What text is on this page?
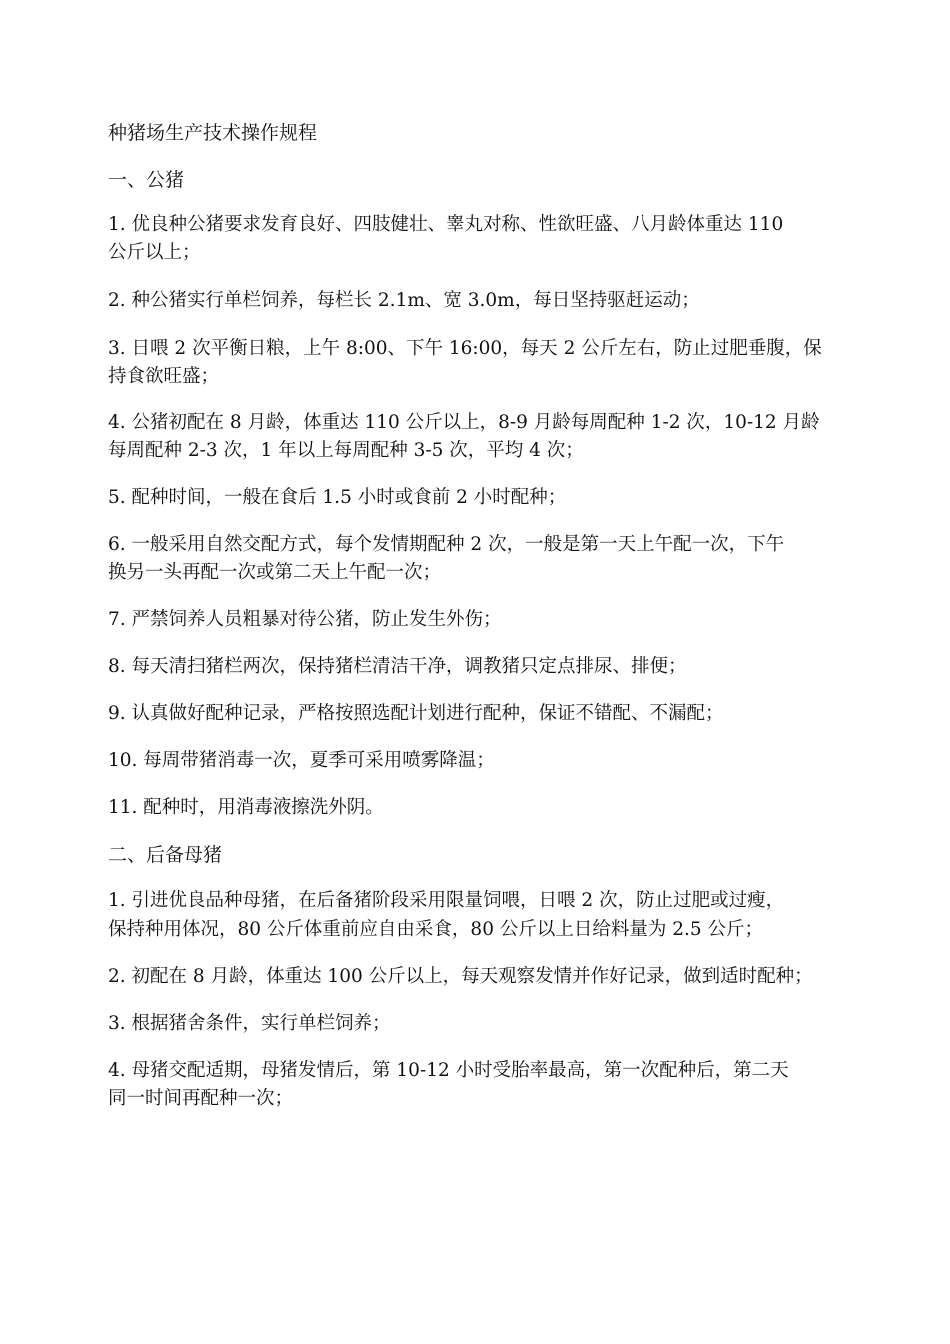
种猪场生产技术操作规程
一、公猪
1. 优良种公猪要求发育良好、四肢健壮、睾丸对称、性欲旺盛、八月龄体重达 110
公斤以上；
2. 种公猪实行单栏饲养，每栏长 2.1m、宽 3.0m，每日坚持驱赶运动；
3. 日喂 2 次平衡日粮，上午 8:00、下午 16:00，每天 2 公斤左右，防止过肥垂腹，保
持食欲旺盛；
4. 公猪初配在 8 月龄，体重达 110 公斤以上，8-9 月龄每周配种 1-2 次，10-12 月龄
每周配种 2-3 次，1 年以上每周配种 3-5 次，平均 4 次；
5. 配种时间，一般在食后 1.5 小时或食前 2 小时配种；
6. 一般采用自然交配方式，每个发情期配种 2 次，一般是第一天上午配一次，下午
换另一头再配一次或第二天上午配一次；
7. 严禁饲养人员粗暴对待公猪，防止发生外伤；
8. 每天清扫猪栏两次，保持猪栏清洁干净，调教猪只定点排尿、排便；
9. 认真做好配种记录，严格按照选配计划进行配种，保证不错配、不漏配；
10. 每周带猪消毒一次，夏季可采用喷雾降温；
11. 配种时，用消毒液擦洗外阴。
二、后备母猪
1. 引进优良品种母猪，在后备猪阶段采用限量饲喂，日喂 2 次，防止过肥或过瘦，
保持种用体况，80 公斤体重前应自由采食，80 公斤以上日给料量为 2.5 公斤；
2. 初配在 8 月龄，体重达 100 公斤以上，每天观察发情并作好记录，做到适时配种；
3. 根据猪舍条件，实行单栏饲养；
4. 母猪交配适期，母猪发情后，第 10-12 小时受胎率最高，第一次配种后，第二天
同一时间再配种一次；
